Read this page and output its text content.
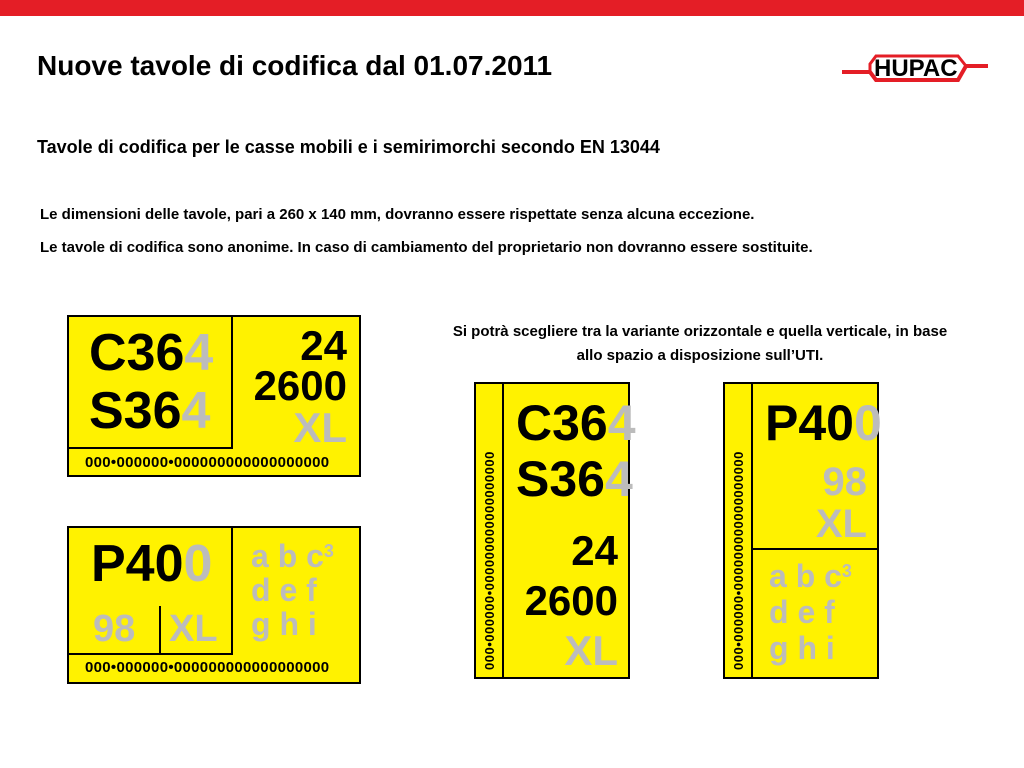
Nuove tavole di codifica dal 01.07.2011	HUPAC
Tavole di codifica per le casse mobili e i semirimorchi secondo EN 13044
Le dimensioni delle tavole, pari a 260 x 140 mm, dovranno essere rispettate senza alcuna eccezione.
Le tavole di codifica sono anonime. In caso di cambiamento del proprietario non dovranno essere sostituite.
Si potrà scegliere tra la variante orizzontale e quella verticale, in base allo spazio a disposizione sull’UTI.
C364
S364
24
2600
XL
000•000000•000000000000000000
P400
98 XL
a b $c^3$
d e f
g h i
000•000000•000000000000000000	000•000000•000000000000000000
C364
S364
24
2600
XL	000•000000•000000000000000000
P400
98
XL
a b $c^3$
d e f
g h i
